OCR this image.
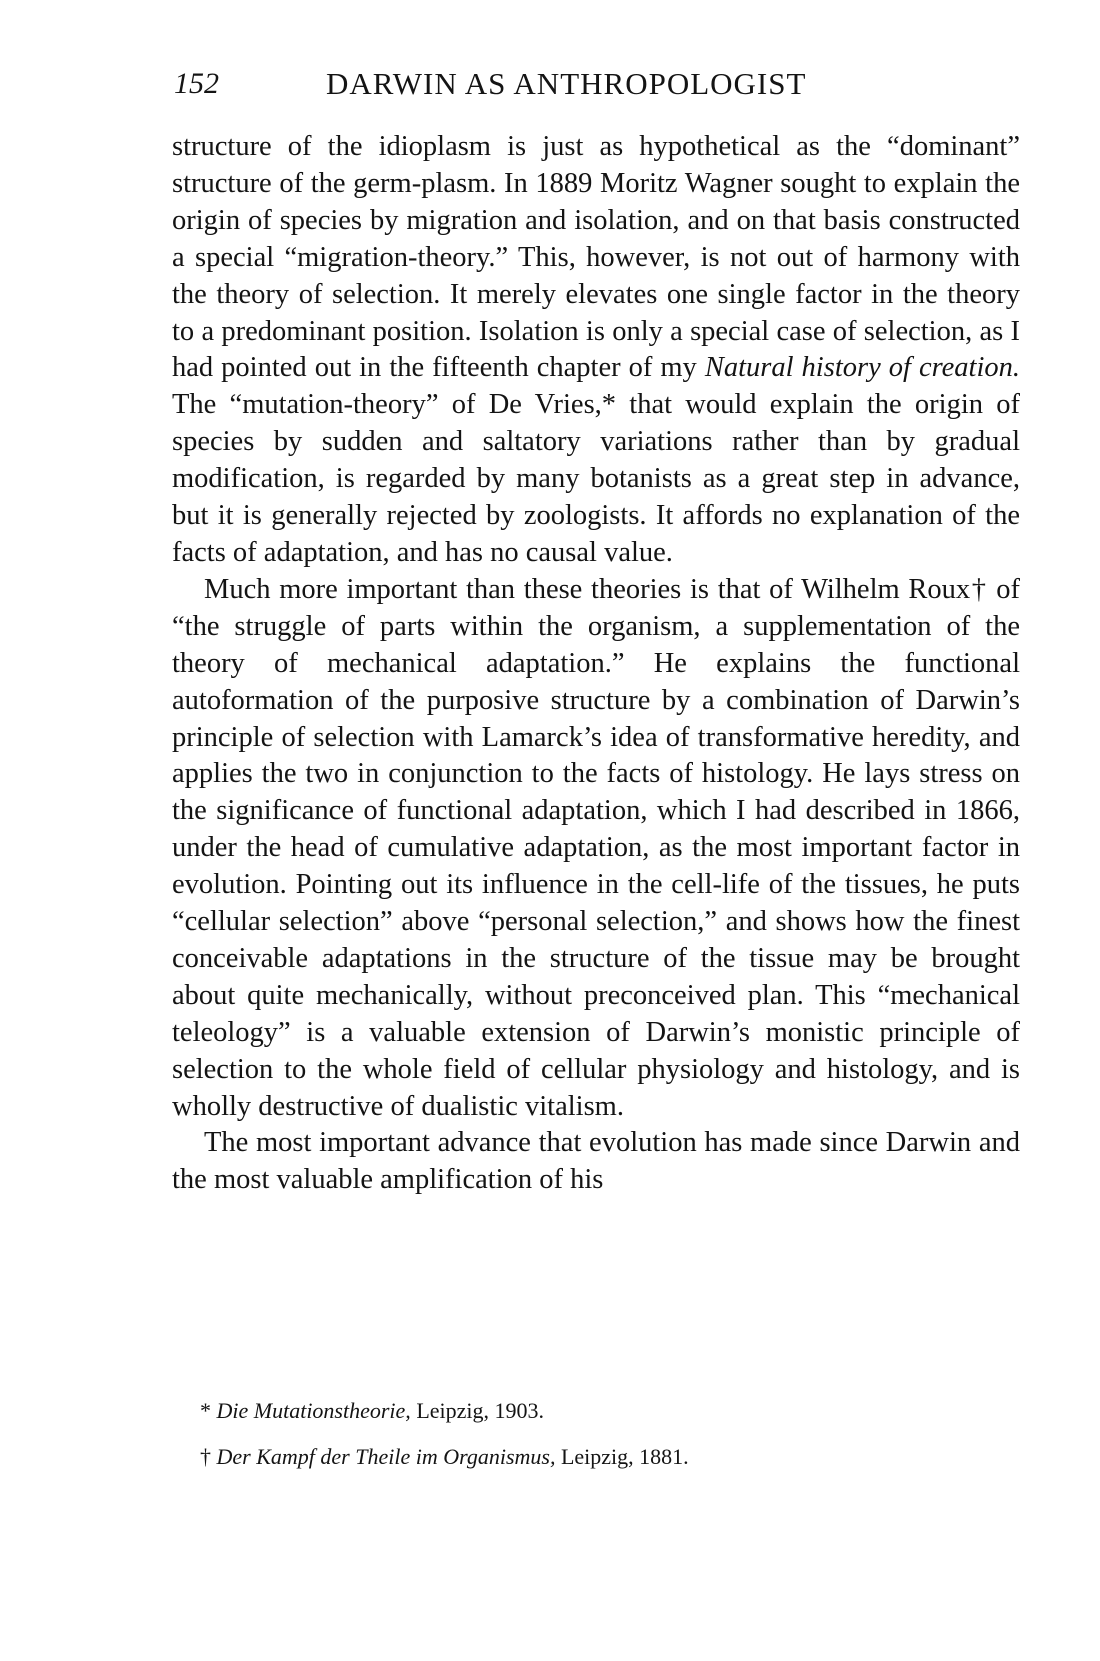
152	DARWIN AS ANTHROPOLOGIST

structure of the idioplasm is just as hypothetical as the “dominant” structure of the germ-plasm. In 1889 Moritz Wagner sought to explain the origin of species by migration and isolation, and on that basis constructed a special “migration-theory.” This, however, is not out of harmony with the theory of selection. It merely elevates one single factor in the theory to a predominant position. Isolation is only a special case of selection, as I had pointed out in the fifteenth chapter of my Natural history of creation. The “mutation-theory” of De Vries,* that would explain the origin of species by sudden and saltatory variations rather than by gradual modification, is regarded by many botanists as a great step in advance, but it is generally rejected by zoologists. It affords no explanation of the facts of adaptation, and has no causal value.

Much more important than these theories is that of Wilhelm Roux† of “the struggle of parts within the organism, a supplementation of the theory of mechanical adaptation.” He explains the functional autoformation of the purposive structure by a combination of Darwin’s principle of selection with Lamarck’s idea of transformative heredity, and applies the two in conjunction to the facts of histology. He lays stress on the significance of functional adaptation, which I had described in 1866, under the head of cumulative adaptation, as the most important factor in evolution. Pointing out its influence in the cell-life of the tissues, he puts “cellular selection” above “personal selection,” and shows how the finest conceivable adaptations in the structure of the tissue may be brought about quite mechanically, without preconceived plan. This “mechanical teleology” is a valuable extension of Darwin’s monistic principle of selection to the whole field of cellular physiology and histology, and is wholly destructive of dualistic vitalism.

The most important advance that evolution has made since Darwin and the most valuable amplification of his

* Die Mutationstheorie, Leipzig, 1903.
† Der Kampf der Theile im Organismus, Leipzig, 1881.
